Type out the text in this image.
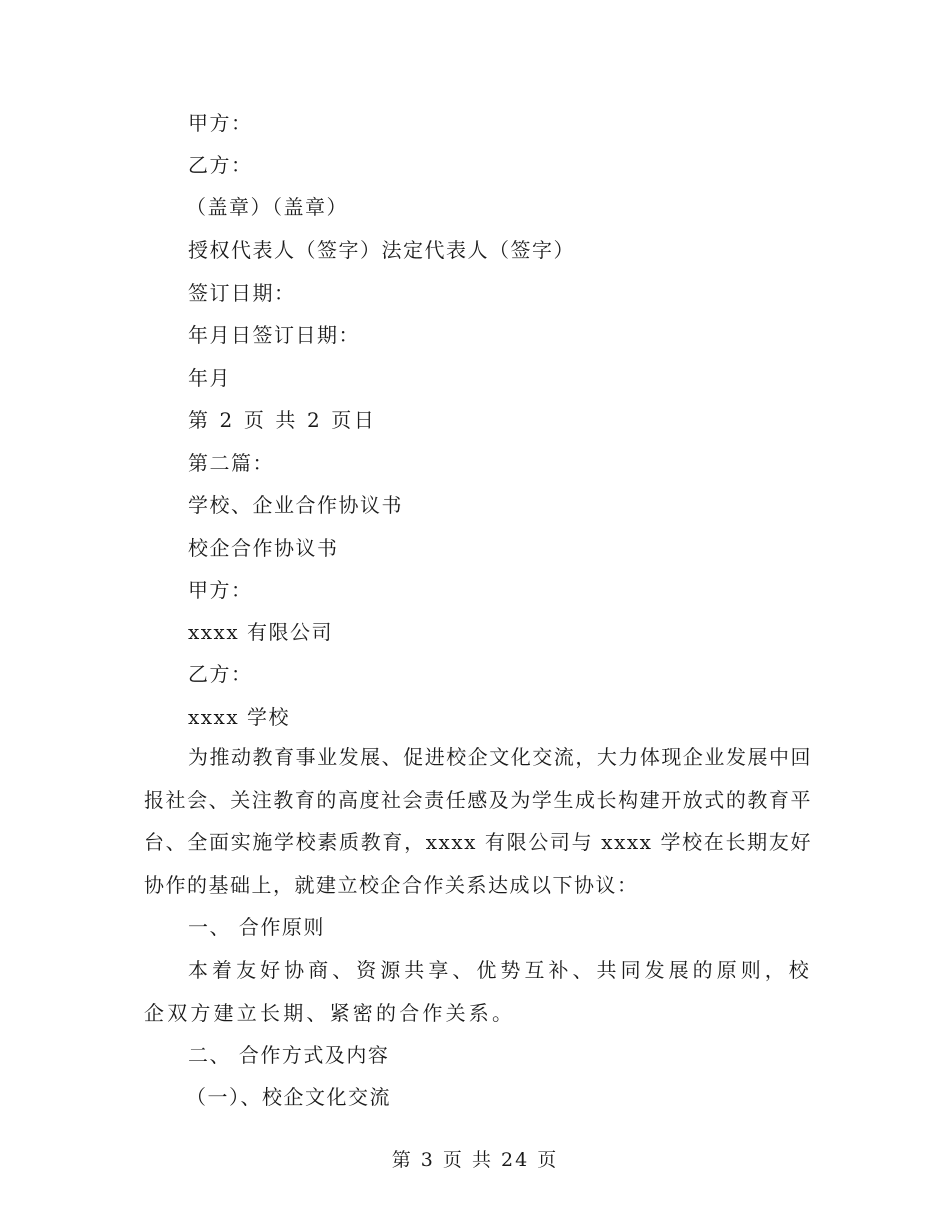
甲方：
乙方：
（盖章）（盖章）
授权代表人（签字）法定代表人（签字）
签订日期：
年月日签订日期：
年月
第 2 页 共 2 页日
第二篇：
学校、企业合作协议书
校企合作协议书
甲方：
xxxx 有限公司
乙方：
xxxx 学校
为推动教育事业发展、促进校企文化交流，大力体现企业发展中回报社会、关注教育的高度社会责任感及为学生成长构建开放式的教育平台、全面实施学校素质教育，xxxx 有限公司与 xxxx 学校在长期友好协作的基础上，就建立校企合作关系达成以下协议：
一、 合作原则
本着友好协商、资源共享、优势互补、共同发展的原则，校企双方建立长期、紧密的合作关系。
二、 合作方式及内容
（一）、校企文化交流
第 3 页 共 24 页
